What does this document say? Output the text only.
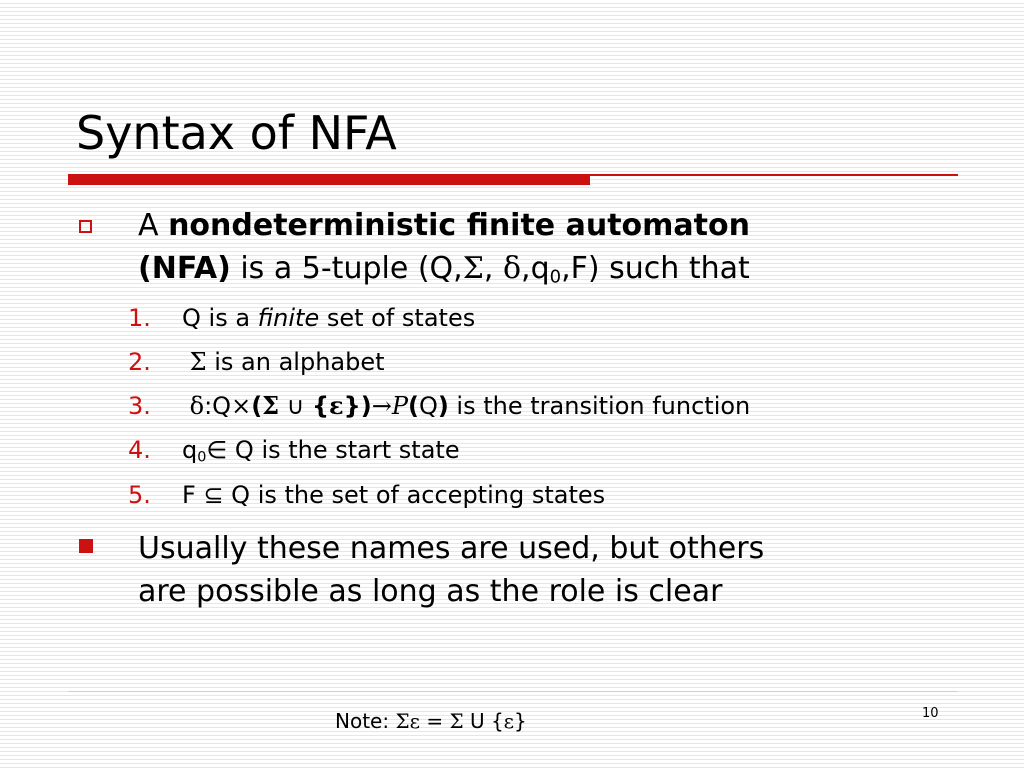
Syntax of NFA
A nondeterministic finite automaton
(NFA) is a 5-tuple (Q,Σ, $\delta,q_0,F$) such that
1. Q is a finite set of states
2. Σ is an alphabet
3. δ:Q×(Σ ∪ {ε})→P(Q) is the transition function
4. $q_0\in$ Q is the start state
5. F ⊆ Q is the set of accepting states
Usually these names are used, but others
are possible as long as the role is clear
Note: Σε = Σ U {ε}	10
